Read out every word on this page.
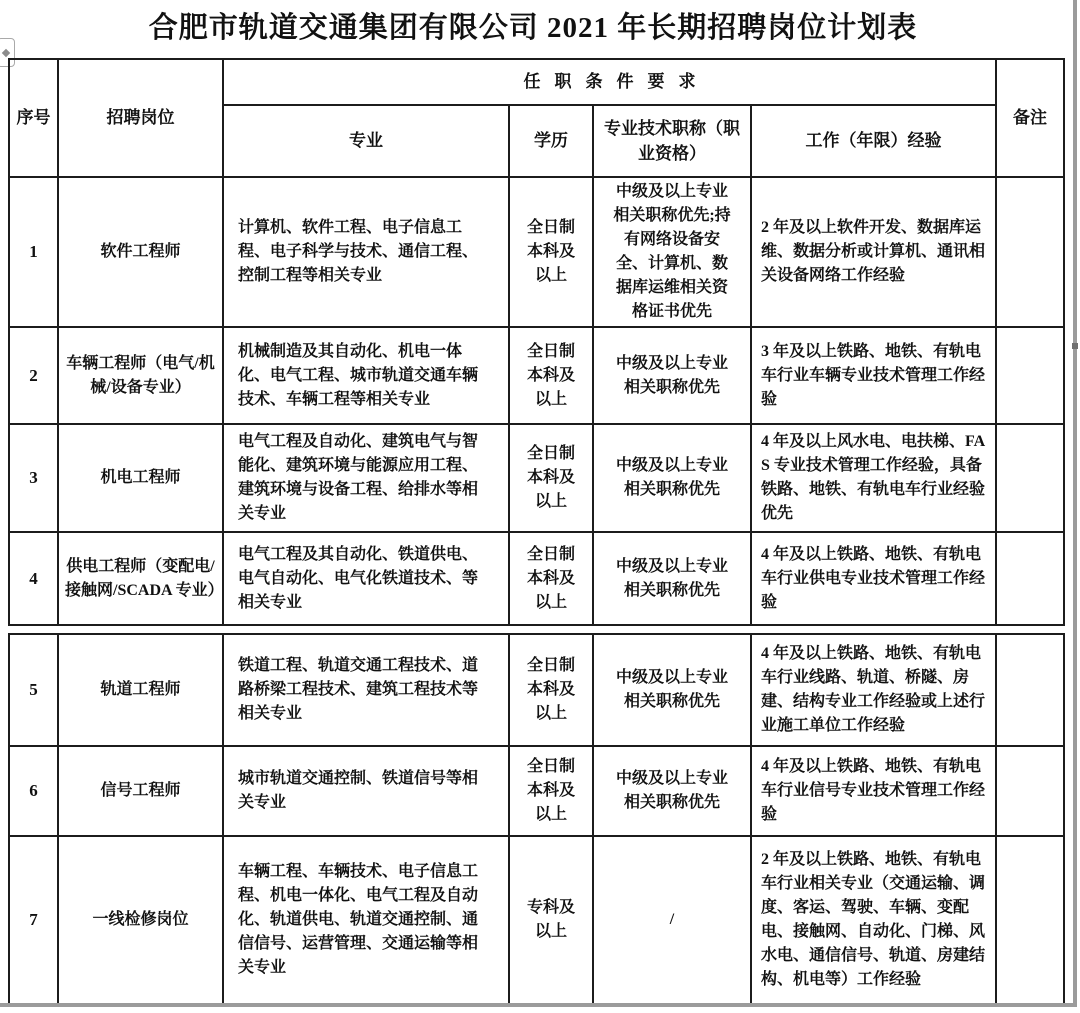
合肥市轨道交通集团有限公司 2021 年长期招聘岗位计划表
序号	招聘岗位	任职条件要求				备注
		专业	学历	专业技术职称（职业资格）	工作（年限）经验	
1	软件工程师	计算机、软件工程、电子信息工程、电子科学与技术、通信工程、控制工程等相关专业	全日制本科及以上	中级及以上专业相关职称优先;持有网络设备安全、计算机、数据库运维相关资格证书优先	2 年及以上软件开发、数据库运维、数据分析或计算机、通讯相关设备网络工作经验	
2	车辆工程师（电气/机械/设备专业）	机械制造及其自动化、机电一体化、电气工程、城市轨道交通车辆技术、车辆工程等相关专业	全日制本科及以上	中级及以上专业相关职称优先	3 年及以上铁路、地铁、有轨电车行业车辆专业技术管理工作经验	
3	机电工程师	电气工程及自动化、建筑电气与智能化、建筑环境与能源应用工程、建筑环境与设备工程、给排水等相关专业	全日制本科及以上	中级及以上专业相关职称优先	4 年及以上风水电、电扶梯、FAS 专业技术管理工作经验，具备铁路、地铁、有轨电车行业经验优先	
4	供电工程师（变配电/接触网/SCADA 专业）	电气工程及其自动化、铁道供电、电气自动化、电气化铁道技术、等相关专业	全日制本科及以上	中级及以上专业相关职称优先	4 年及以上铁路、地铁、有轨电车行业供电专业技术管理工作经验	
5	轨道工程师	铁道工程、轨道交通工程技术、道路桥梁工程技术、建筑工程技术等相关专业	全日制本科及以上	中级及以上专业相关职称优先	4 年及以上铁路、地铁、有轨电车行业线路、轨道、桥隧、房建、结构专业工作经验或上述行业施工单位工作经验	
6	信号工程师	城市轨道交通控制、铁道信号等相关专业	全日制本科及以上	中级及以上专业相关职称优先	4 年及以上铁路、地铁、有轨电车行业信号专业技术管理工作经验	
7	一线检修岗位	车辆工程、车辆技术、电子信息工程、机电一体化、电气工程及自动化、轨道供电、轨道交通控制、通信信号、运营管理、交通运输等相关专业	专科及以上	/	2 年及以上铁路、地铁、有轨电车行业相关专业（交通运输、调度、客运、驾驶、车辆、变配电、接触网、自动化、门梯、风水电、通信信号、轨道、房建结构、机电等）工作经验	
